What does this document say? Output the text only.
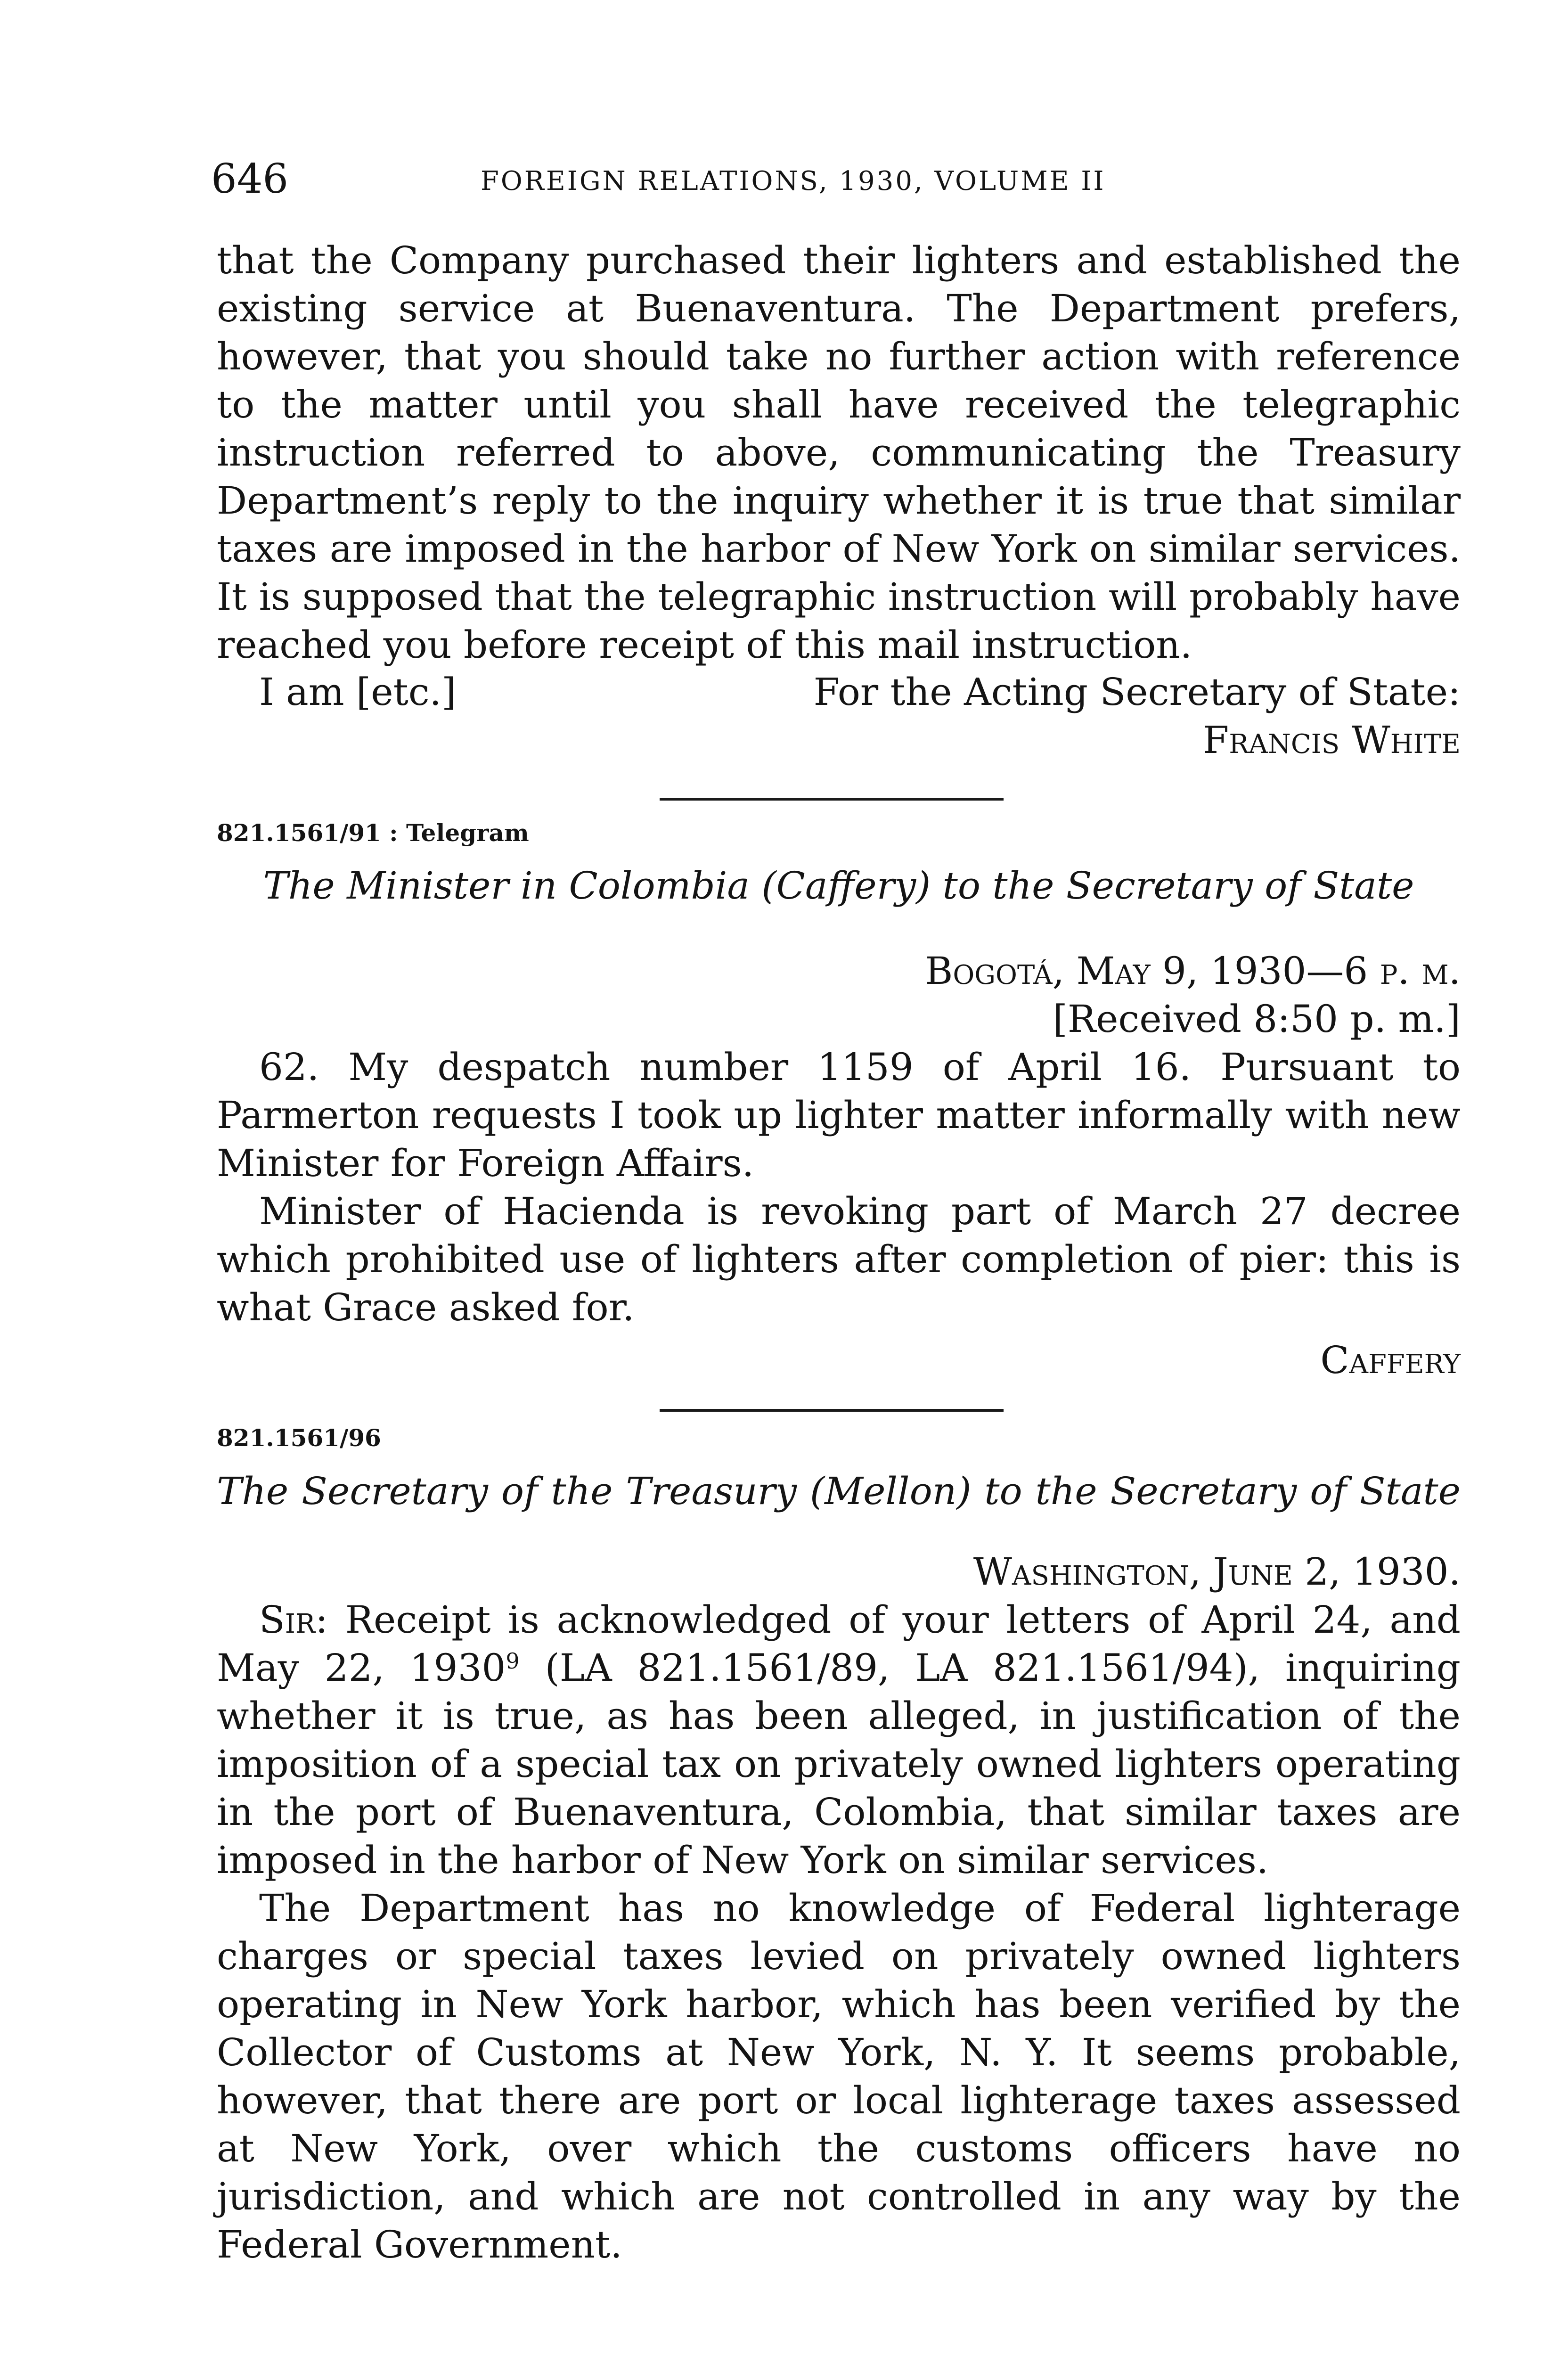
646	FOREIGN RELATIONS, 1930, VOLUME II

that the Company purchased their lighters and established the existing service at Buenaventura. The Department prefers, however, that you should take no further action with reference to the matter until you shall have received the telegraphic instruction referred to above, communicating the Treasury Department’s reply to the inquiry whether it is true that similar taxes are imposed in the harbor of New York on similar services. It is supposed that the telegraphic instruction will probably have reached you before receipt of this mail instruction.

I am [etc.]	For the Acting Secretary of State:
Francis White
821.1561/91 : Telegram
The Minister in Colombia (Caffery) to the Secretary of State

Bogotá, May 9, 1930—6 p. m.

[Received 8:50 p. m.]

62. My despatch number 1159 of April 16. Pursuant to Parmerton requests I took up lighter matter informally with new Minister for Foreign Affairs.

Minister of Hacienda is revoking part of March 27 decree which prohibited use of lighters after completion of pier: this is what Grace asked for.

Caffery

821.1561/96
The Secretary of the Treasury (Mellon) to the Secretary of State

Washington, June 2, 1930.

Sir: Receipt is acknowledged of your letters of April 24, and May 22, 1930$^9$ (LA 821.1561/89, LA 821.1561/94), inquiring whether it is true, as has been alleged, in justification of the imposition of a special tax on privately owned lighters operating in the port of Buenaventura, Colombia, that similar taxes are imposed in the harbor of New York on similar services.

The Department has no knowledge of Federal lighterage charges or special taxes levied on privately owned lighters operating in New York harbor, which has been verified by the Collector of Customs at New York, N. Y. It seems probable, however, that there are port or local lighterage taxes assessed at New York, over which the customs officers have no jurisdiction, and which are not controlled in any way by the Federal Government.
